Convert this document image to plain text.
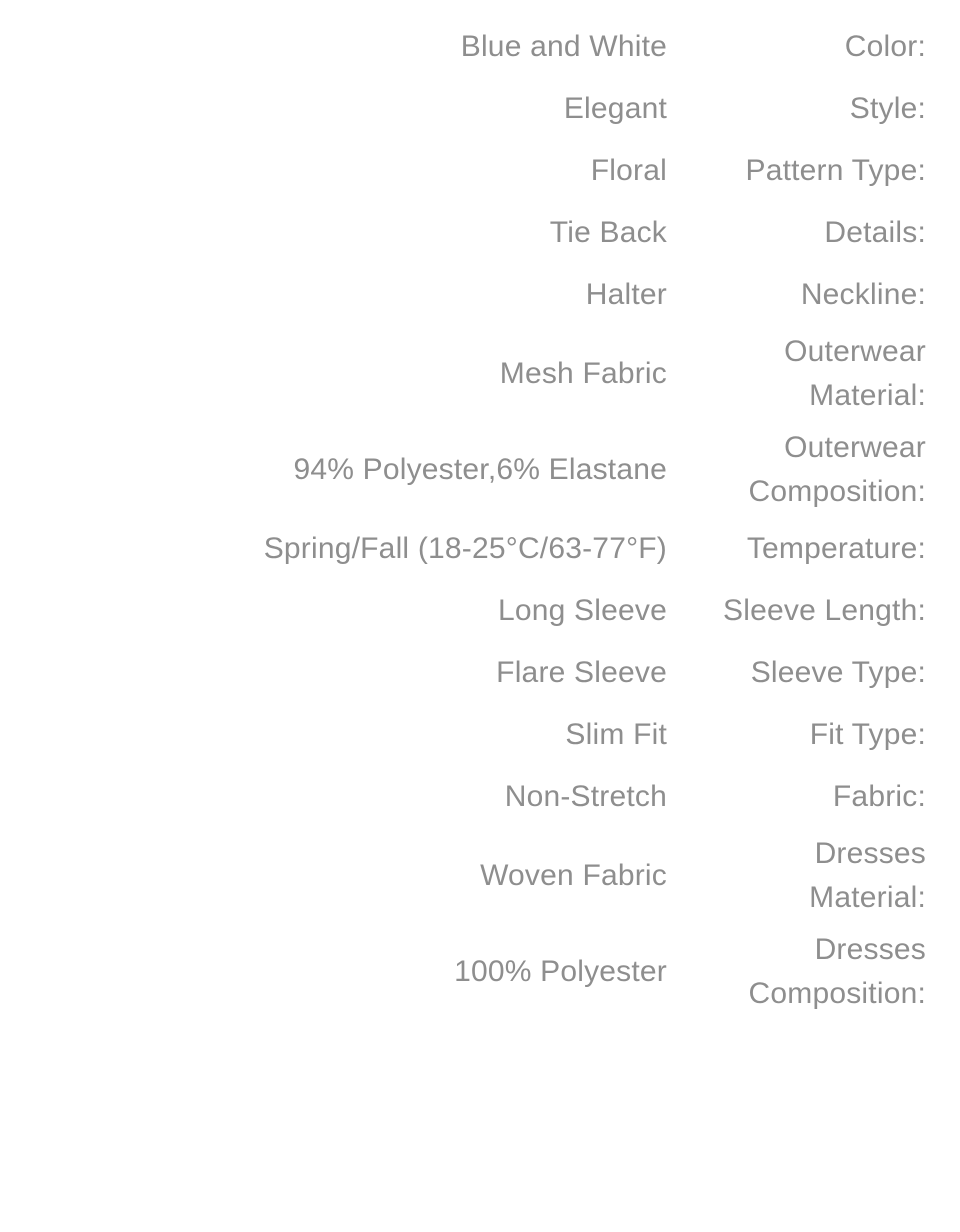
Color:
Blue and White
Style:
Elegant
Pattern Type:
Floral
Details:
Tie Back
Neckline:
Halter
Outerwear Material:
Mesh Fabric
Outerwear Composition:
94% Polyester,6% Elastane
Temperature:
Spring/Fall (18-25°C/63-77°F)
Sleeve Length:
Long Sleeve
Sleeve Type:
Flare Sleeve
Fit Type:
Slim Fit
Fabric:
Non-Stretch
Dresses Material:
Woven Fabric
Dresses Composition:
100% Polyester
